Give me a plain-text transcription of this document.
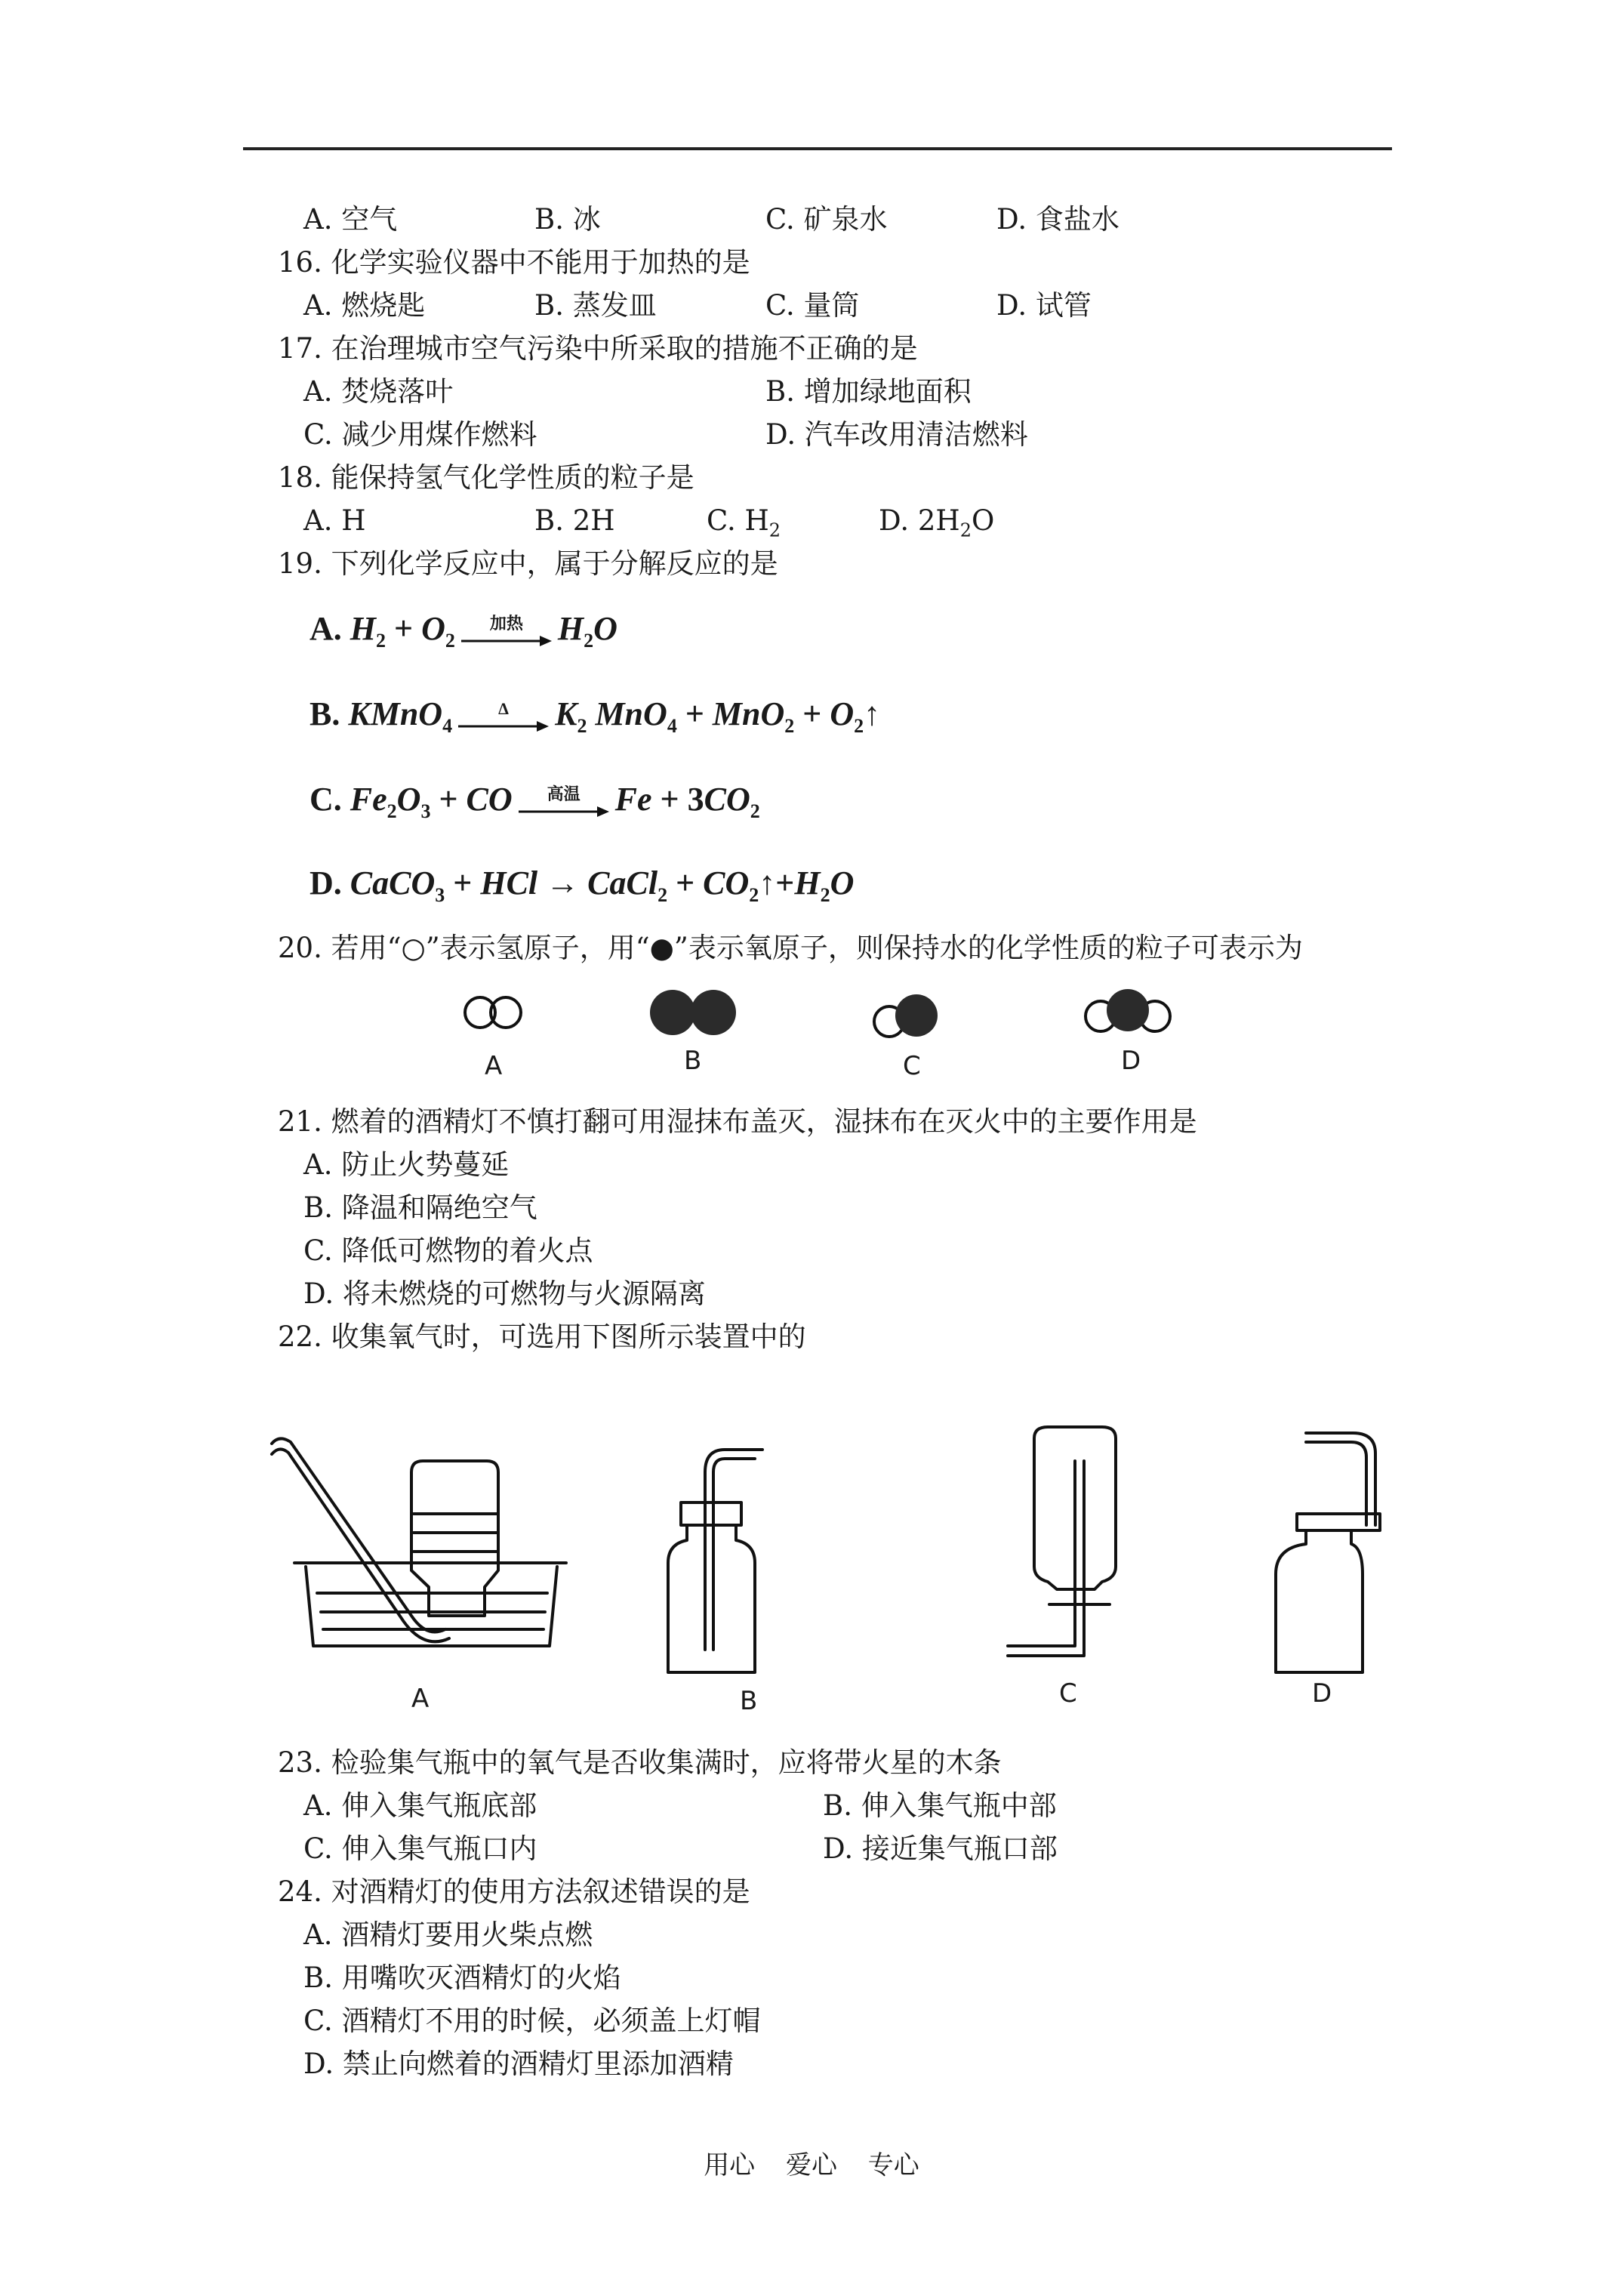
A. 空气	B. 冰	C. 矿泉水	D. 食盐水
16. 化学实验仪器中不能用于加热的是
A. 燃烧匙	B. 蒸发皿	C. 量筒	D. 试管
17. 在治理城市空气污染中所采取的措施不正确的是
A. 焚烧落叶	B. 增加绿地面积
C. 减少用煤作燃料	D. 汽车改用清洁燃料
18. 能保持氢气化学性质的粒子是
A. H	B. 2H	C. $H_2$	D. $2H_2O$
19. 下列化学反应中，属于分解反应的是
A. $H_2 + O_2$
加热	$H_2O$
B. KMnO$_4$
Δ	$K_2$ $MnO_4 + MnO_2 + O_2↑$
C. $Fe_2O_3$ + CO	高温	$Fe + 3CO_2$
D. CaCO$_3$ + HCl → CaCl$_2$ + $CO_2↑+H_2O$
20. 若用“○”表示氢原子，用“●”表示氧原子，则保持水的化学性质的粒子可表示为
A	B	C	D
21. 燃着的酒精灯不慎打翻可用湿抹布盖灭，湿抹布在灭火中的主要作用是
A. 防止火势蔓延
B. 降温和隔绝空气
C. 降低可燃物的着火点
D. 将未燃烧的可燃物与火源隔离
22. 收集氧气时，可选用下图所示装置中的
A	B	C	D
23. 检验集气瓶中的氧气是否收集满时，应将带火星的木条
A. 伸入集气瓶底部	B. 伸入集气瓶中部
C. 伸入集气瓶口内	D. 接近集气瓶口部
24. 对酒精灯的使用方法叙述错误的是
A. 酒精灯要用火柴点燃
B. 用嘴吹灭酒精灯的火焰
C. 酒精灯不用的时候，必须盖上灯帽
D. 禁止向燃着的酒精灯里添加酒精
用心 爱心 专心
